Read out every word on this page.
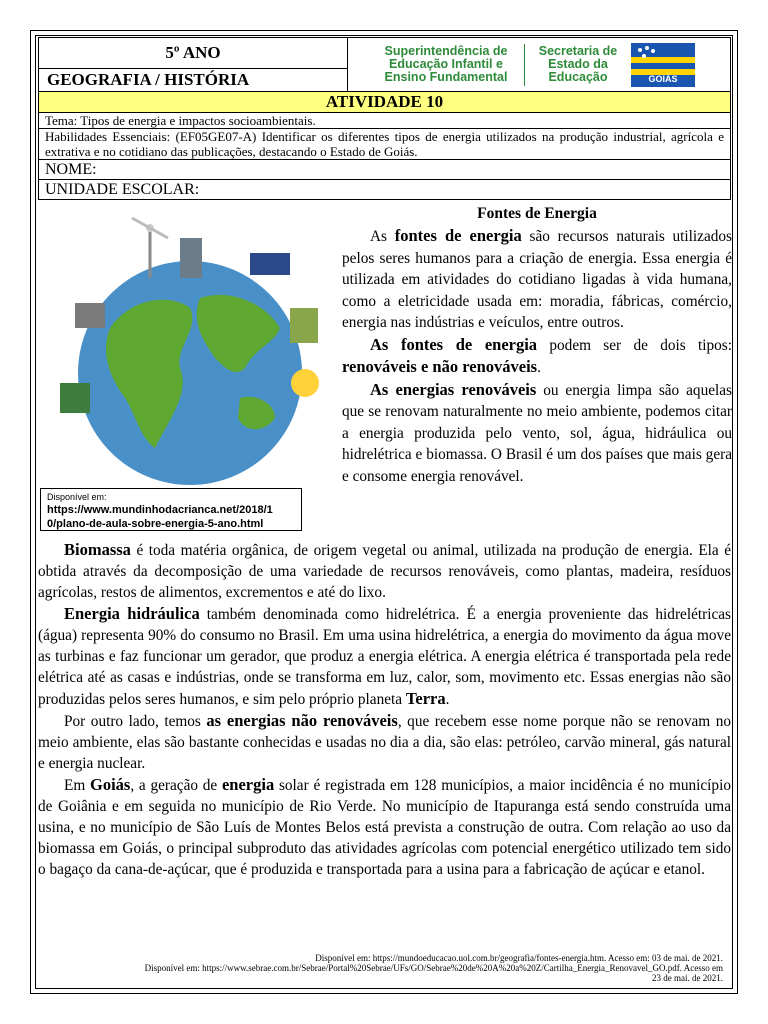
5º ANO	Superintendência de Educação Infantil e Ensino Fundamental
Secretaria de Estado da Educação	GOIÁS

GEOGRAFIA / HISTÓRIA
ATIVIDADE 10
Tema: Tipos de energia e impactos socioambientais.
Habilidades Essenciais: (EF05GE07-A) Identificar os diferentes tipos de energia utilizados na produção industrial, agrícola e extrativa e no cotidiano das publicações, destacando o Estado de Goiás.
NOME:
UNIDADE ESCOLAR:
Disponível em:
https://www.mundinhodacrianca.net/2018/1
0/plano-de-aula-sobre-energia-5-ano.html

Fontes de Energia

As fontes de energia são recursos naturais utilizados pelos seres humanos para a criação de energia. Essa energia é utilizada em atividades do cotidiano ligadas à vida humana, como a eletricidade usada em: moradia, fábricas, comércio, energia nas indústrias e veículos, entre outros.

As fontes de energia podem ser de dois tipos: renováveis e não renováveis.

As energias renováveis ou energia limpa são aquelas que se renovam naturalmente no meio ambiente, podemos citar a energia produzida pelo vento, sol, água, hidráulica ou hidrelétrica e biomassa. O Brasil é um dos países que mais gera e consome energia renovável.

Biomassa é toda matéria orgânica, de origem vegetal ou animal, utilizada na produção de energia. Ela é obtida através da decomposição de uma variedade de recursos renováveis, como plantas, madeira, resíduos agrícolas, restos de alimentos, excrementos e até do lixo.

Energia hidráulica também denominada como hidrelétrica. É a energia proveniente das hidrelétricas (água) representa 90% do consumo no Brasil. Em uma usina hidrelétrica, a energia do movimento da água move as turbinas e faz funcionar um gerador, que produz a energia elétrica. A energia elétrica é transportada pela rede elétrica até as casas e indústrias, onde se transforma em luz, calor, som, movimento etc. Essas energias não são produzidas pelos seres humanos, e sim pelo próprio planeta Terra.

Por outro lado, temos as energias não renováveis, que recebem esse nome porque não se renovam no meio ambiente, elas são bastante conhecidas e usadas no dia a dia, são elas: petróleo, carvão mineral, gás natural e energia nuclear.

Em Goiás, a geração de energia solar é registrada em 128 municípios, a maior incidência é no município de Goiânia e em seguida no município de Rio Verde. No município de Itapuranga está sendo construída uma usina, e no município de São Luís de Montes Belos está prevista a construção de outra. Com relação ao uso da biomassa em Goiás, o principal subproduto das atividades agrícolas com potencial energético utilizado tem sido o bagaço da cana-de-açúcar, que é produzida e transportada para a usina para a fabricação de açúcar e etanol.

Disponível em: https://mundoeducacao.uol.com.br/geografia/fontes-energia.htm. Acesso em: 03 de mai. de 2021.
Disponível em: https://www.sebrae.com.br/Sebrae/Portal%20Sebrae/UFs/GO/Sebrae%20de%20A%20a%20Z/Cartilha_Energia_Renovavel_GO.pdf. Acesso em
23 de mai. de 2021.
